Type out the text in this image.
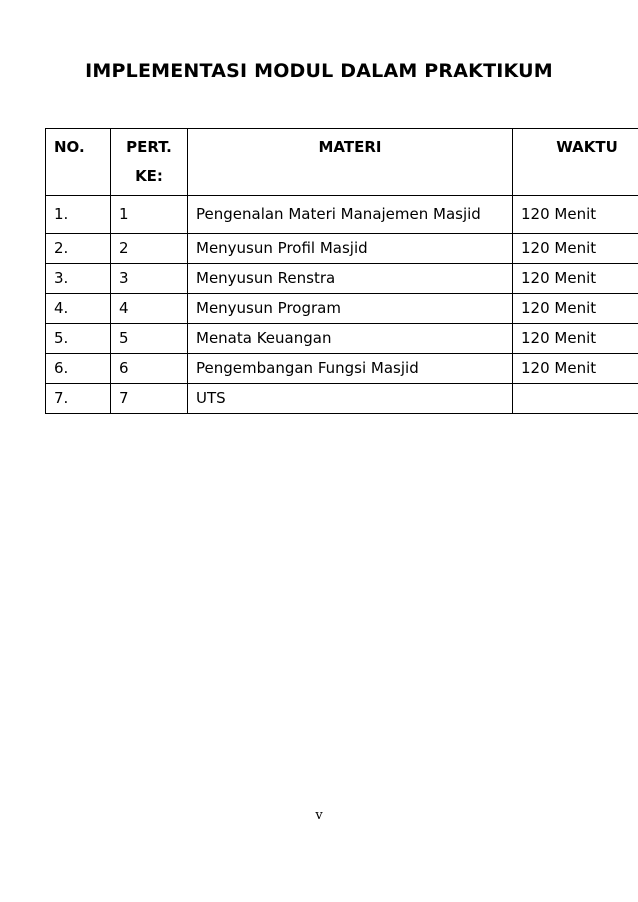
IMPLEMENTASI MODUL DALAM PRAKTIKUM
NO.	PERT. KE:	MATERI	WAKTU
1.	1	Pengenalan Materi Manajemen Masjid	120 Menit
2.	2	Menyusun Profil Masjid	120 Menit
3.	3	Menyusun Renstra	120 Menit
4.	4	Menyusun Program	120 Menit
5.	5	Menata Keuangan	120 Menit
6.	6	Pengembangan Fungsi Masjid	120 Menit
7.	7	UTS	
v
